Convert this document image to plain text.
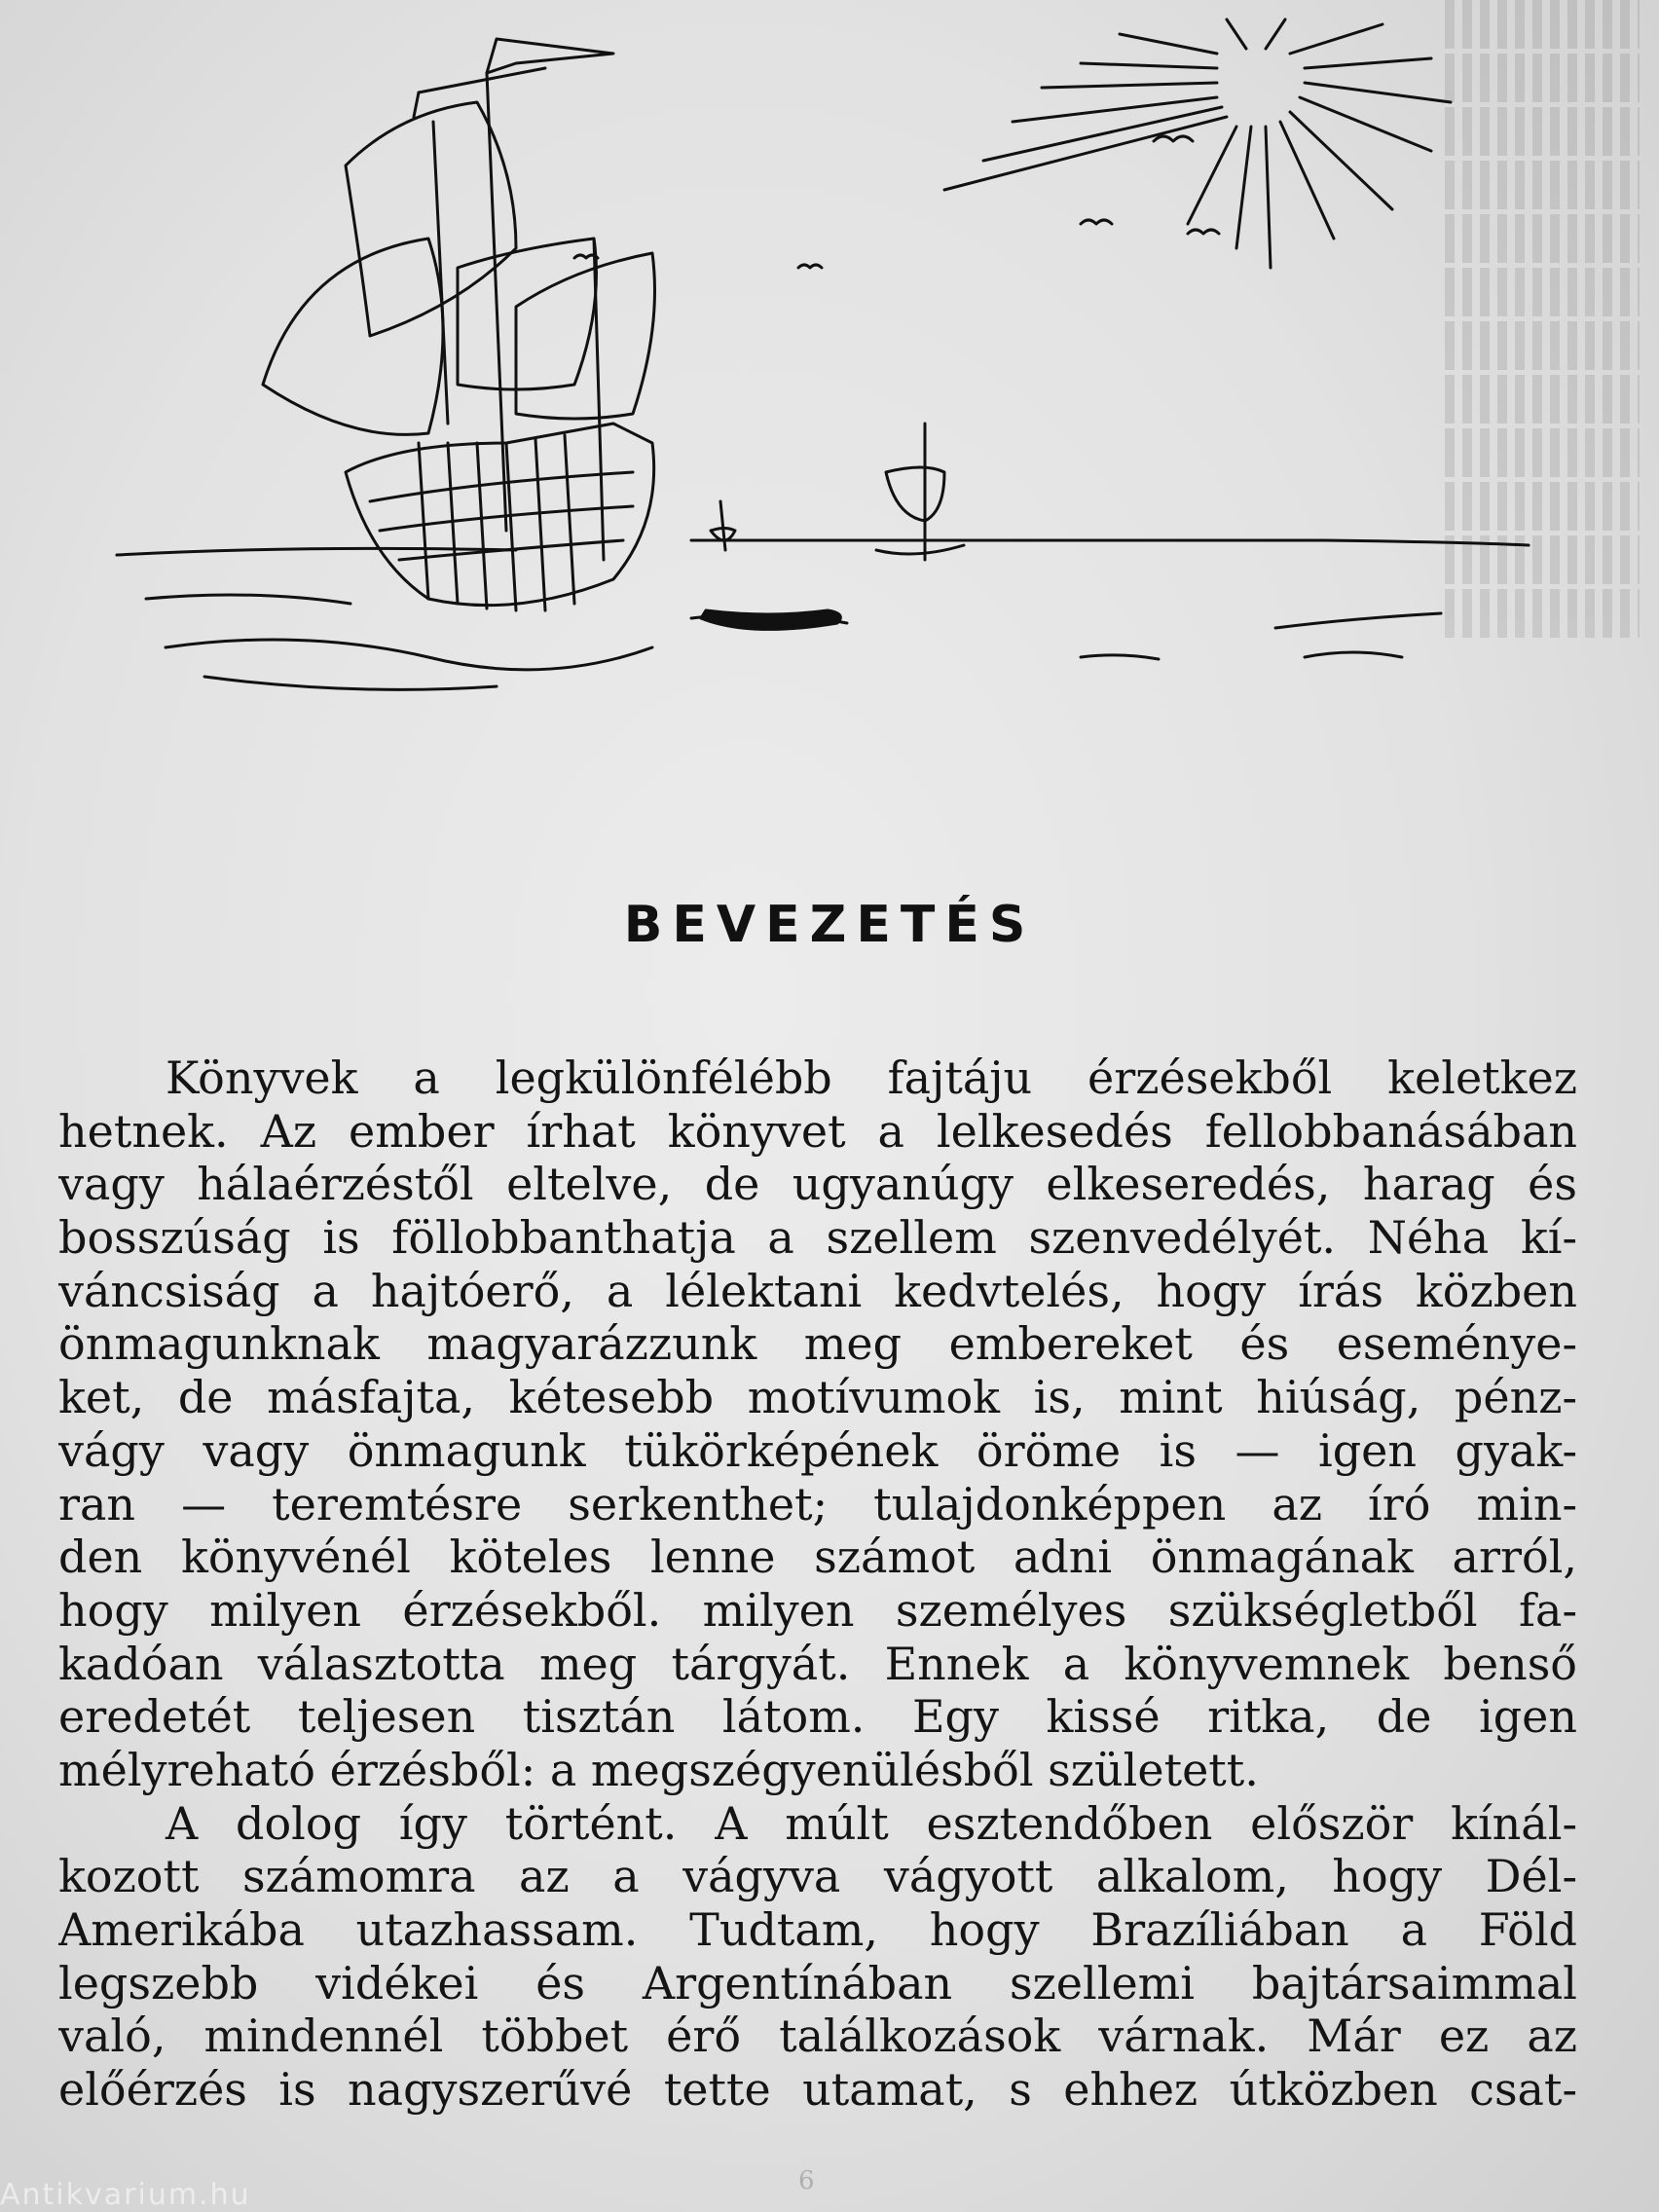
BEVEZETÉS
Könyvek a legkülönfélébb fajtáju érzésekből keletkez
hetnek. Az ember írhat könyvet a lelkesedés fellobbanásában
vagy hálaérzéstől eltelve, de ugyanúgy elkeseredés, harag és
bosszúság is föllobbanthatja a szellem szenvedélyét. Néha kí-
váncsiság a hajtóerő, a lélektani kedvtelés, hogy írás közben
önmagunknak magyarázzunk meg embereket és eseménye-
ket, de másfajta, kétesebb motívumok is, mint hiúság, pénz-
vágy vagy önmagunk tükörképének öröme is — igen gyak-
ran — teremtésre serkenthet; tulajdonképpen az író min-
den könyvénél köteles lenne számot adni önmagának arról,
hogy milyen érzésekből. milyen személyes szükségletből fa-
kadóan választotta meg tárgyát. Ennek a könyvemnek benső
eredetét teljesen tisztán látom. Egy kissé ritka, de igen
mélyreható érzésből: a megszégyenülésből született.
A dolog így történt. A múlt esztendőben először kínál-
kozott számomra az a vágyva vágyott alkalom, hogy Dél-
Amerikába utazhassam. Tudtam, hogy Brazíliában a Föld
legszebb vidékei és Argentínában szellemi bajtársaimmal
való, mindennél többet érő találkozások várnak. Már ez az
előérzés is nagyszerűvé tette utamat, s ehhez útközben csat-
6
Antikvarium.hu
